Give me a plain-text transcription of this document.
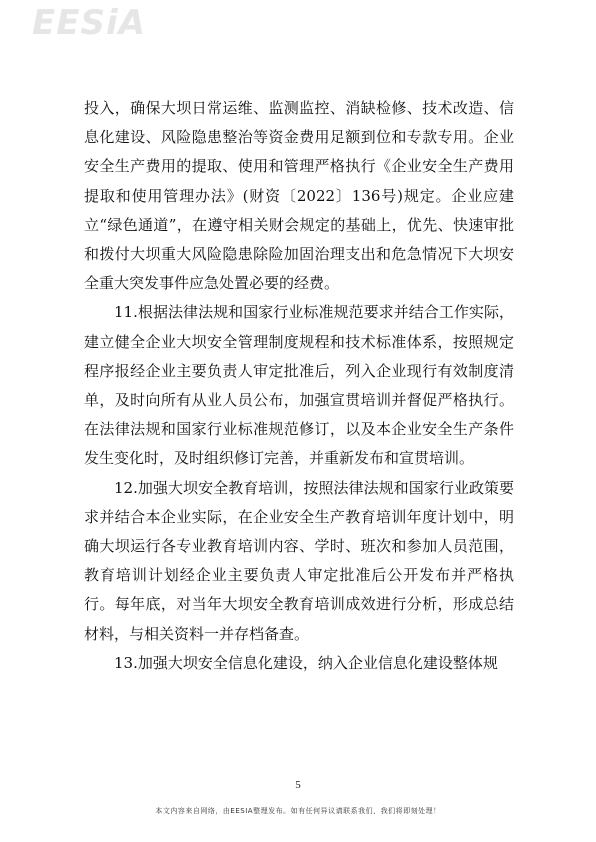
EESiA

投入，确保大坝日常运维、监测监控、消缺检修、技术改造、信息化建设、风险隐患整治等资金费用足额到位和专款专用。企业安全生产费用的提取、使用和管理严格执行《企业安全生产费用提取和使用管理办法》(财资〔2022〕136号)规定。企业应建立“绿色通道”，在遵守相关财会规定的基础上，优先、快速审批和拨付大坝重大风险隐患除险加固治理支出和危急情况下大坝安全重大突发事件应急处置必要的经费。

11.根据法律法规和国家行业标准规范要求并结合工作实际，建立健全企业大坝安全管理制度规程和技术标准体系，按照规定程序报经企业主要负责人审定批准后，列入企业现行有效制度清单，及时向所有从业人员公布，加强宣贯培训并督促严格执行。在法律法规和国家行业标准规范修订，以及本企业安全生产条件发生变化时，及时组织修订完善，并重新发布和宣贯培训。

12.加强大坝安全教育培训，按照法律法规和国家行业政策要求并结合本企业实际，在企业安全生产教育培训年度计划中，明确大坝运行各专业教育培训内容、学时、班次和参加人员范围，教育培训计划经企业主要负责人审定批准后公开发布并严格执行。每年底，对当年大坝安全教育培训成效进行分析，形成总结材料，与相关资料一并存档备查。

13.加强大坝安全信息化建设，纳入企业信息化建设整体规

5
本文内容来自网络，由EESIA整理发布。如有任何异议请联系我们，我们将即刻处理！
